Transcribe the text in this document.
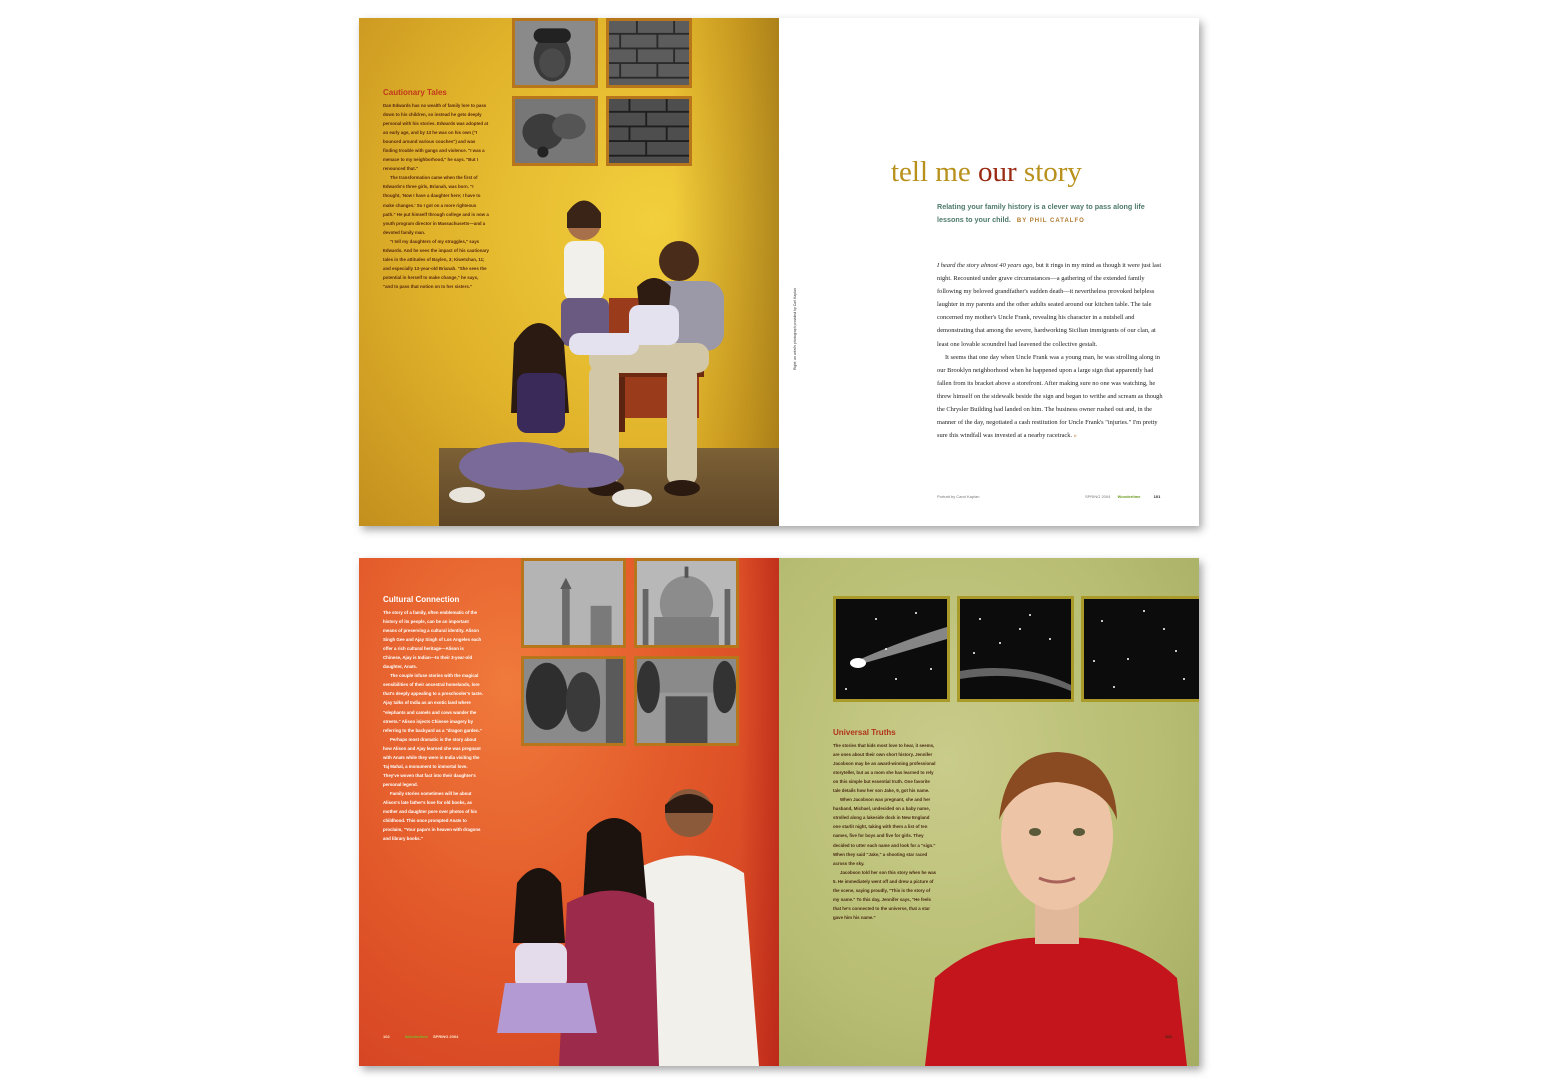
Cautionary Tales

Dan Edwards has no wealth of family lore to pass down to his children, so instead he gets deeply personal with his stories. Edwards was adopted at an early age, and by 13 he was on his own ("I bounced around various couches") and was finding trouble with gangs and violence. "I was a menace to my neighborhood," he says. "But I renounced that."

The transformation came when the first of Edwards's three girls, Brianah, was born. "I thought, 'Now I have a daughter here; I have to make changes.' So I got on a more righteous path." He put himself through college and is now a youth program director in Massachusetts—and a devoted family man.

"I tell my daughters of my struggles," says Edwards. And he sees the impact of his cautionary tales in the attitudes of Baylen, 3; Kiwetchan, 11; and especially 13-year-old Brianah. "She sees the potential in herself to make change," he says, "and to pass that notion on to her sisters."

tell me our story
Relating your family history is a clever way to pass along life lessons to your child. BY PHIL CATALFO

I heard the story almost 40 years ago, but it rings in my mind as though it were just last night. Recounted under grave circumstances—a gathering of the extended family following my beloved grandfather's sudden death—it nevertheless provoked helpless laughter in my parents and the other adults seated around our kitchen table. The tale concerned my mother's Uncle Frank, revealing his character in a nutshell and demonstrating that among the severe, hardworking Sicilian immigrants of our clan, at least one lovable scoundrel had leavened the collective gestalt.

It seems that one day when Uncle Frank was a young man, he was strolling along in our Brooklyn neighborhood when he happened upon a large sign that apparently had fallen from its bracket above a storefront. After making sure no one was watching, he threw himself on the sidewalk beside the sign and began to writhe and scream as though the Chrysler Building had landed on him. The business owner rushed out and, in the manner of the day, negotiated a cash restitution for Uncle Frank's "injuries." I'm pretty sure this windfall was invested at a nearby racetrack. »

Portrait by Carol Kaplan	SPRING 2004 Wondertime	101
Right: an artist's photograph provided by Carl Kaplan
Cultural Connection

The story of a family, often emblematic of the history of its people, can be an important means of preserving a cultural identity. Alison Singh Gee and Ajay Singh of Los Angeles each offer a rich cultural heritage—Alison is Chinese, Ajay is Indian—to their 3-year-old daughter, Anaïs.

The couple infuse stories with the magical sensibilities of their ancestral homelands, lore that's deeply appealing to a preschooler's taste. Ajay talks of India as an exotic land where "elephants and camels and cows wander the streets." Alison injects Chinese imagery by referring to the backyard as a "dragon garden."

Perhaps most dramatic is the story about how Alison and Ajay learned she was pregnant with Anaïs while they were in India visiting the Taj Mahal, a monument to immortal love. They've woven that fact into their daughter's personal legend.

Family stories sometimes will be about Alison's late father's love for old books, as mother and daughter pore over photos of his childhood. This once prompted Anaïs to proclaim, "Your papa's in heaven with dragons and library books."

102	Wondertime SPRING 2004
Universal Truths

The stories that kids most love to hear, it seems, are ones about their own short history. Jennifer Jacobson may be an award-winning professional storyteller, but as a mom she has learned to rely on this simple but essential truth. One favorite tale details how her son Jake, 9, got his name.

When Jacobson was pregnant, she and her husband, Michael, undecided on a baby name, strolled along a lakeside dock in New England one starlit night, taking with them a list of ten names, five for boys and five for girls. They decided to utter each name and look for a "sign." When they said "Jake," a shooting star raced across the sky.

Jacobson told her son this story when he was 5. He immediately went off and drew a picture of the scene, saying proudly, "This is the story of my name." To this day, Jennifer says, "He feels that he's connected to the universe, that a star gave him his name."

103
